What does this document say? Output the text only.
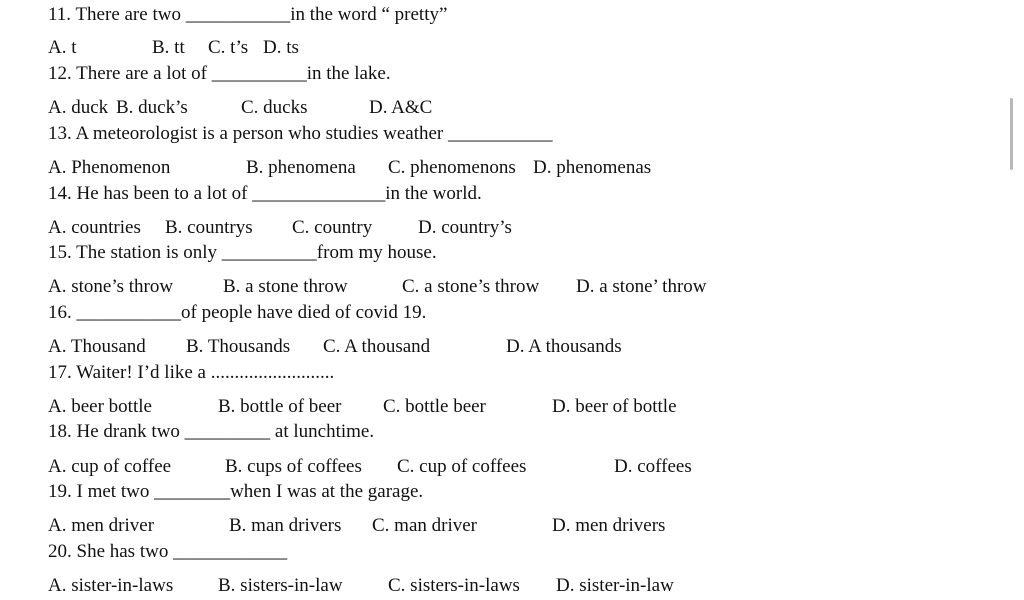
11. There are two ___________in the word “ pretty”
A. t	B. tt C. t’s D. ts
12. There are a lot of __________in the lake.
A. duck B. duck’s	C. ducks	D. A&C
13. A meteorologist is a person who studies weather ___________
A. Phenomenon	B. phenomena C. phenomenons D. phenomenas
14. He has been to a lot of ______________in the world.
A. countries B. countrys C. country D. country’s
15. The station is only __________from my house.
A. stone’s throw	B. a stone throw	C. a stone’s throw D. a stone’ throw
16. ___________of people have died of covid 19.
A. Thousand B. Thousands C. A thousand	D. A thousands
17. Waiter! I’d like a ..........................
A. beer bottle	B. bottle of beer C. bottle beer	D. beer of bottle
18. He drank two _________ at lunchtime.
A. cup of coffee	B. cups of coffees C. cup of coffees	D. coffees
19. I met two ________when I was at the garage.
A. men driver	B. man drivers C. man driver	D. men drivers
20. She has two ____________
A. sister-in-laws B. sisters-in-law C. sisters-in-laws D. sister-in-law
